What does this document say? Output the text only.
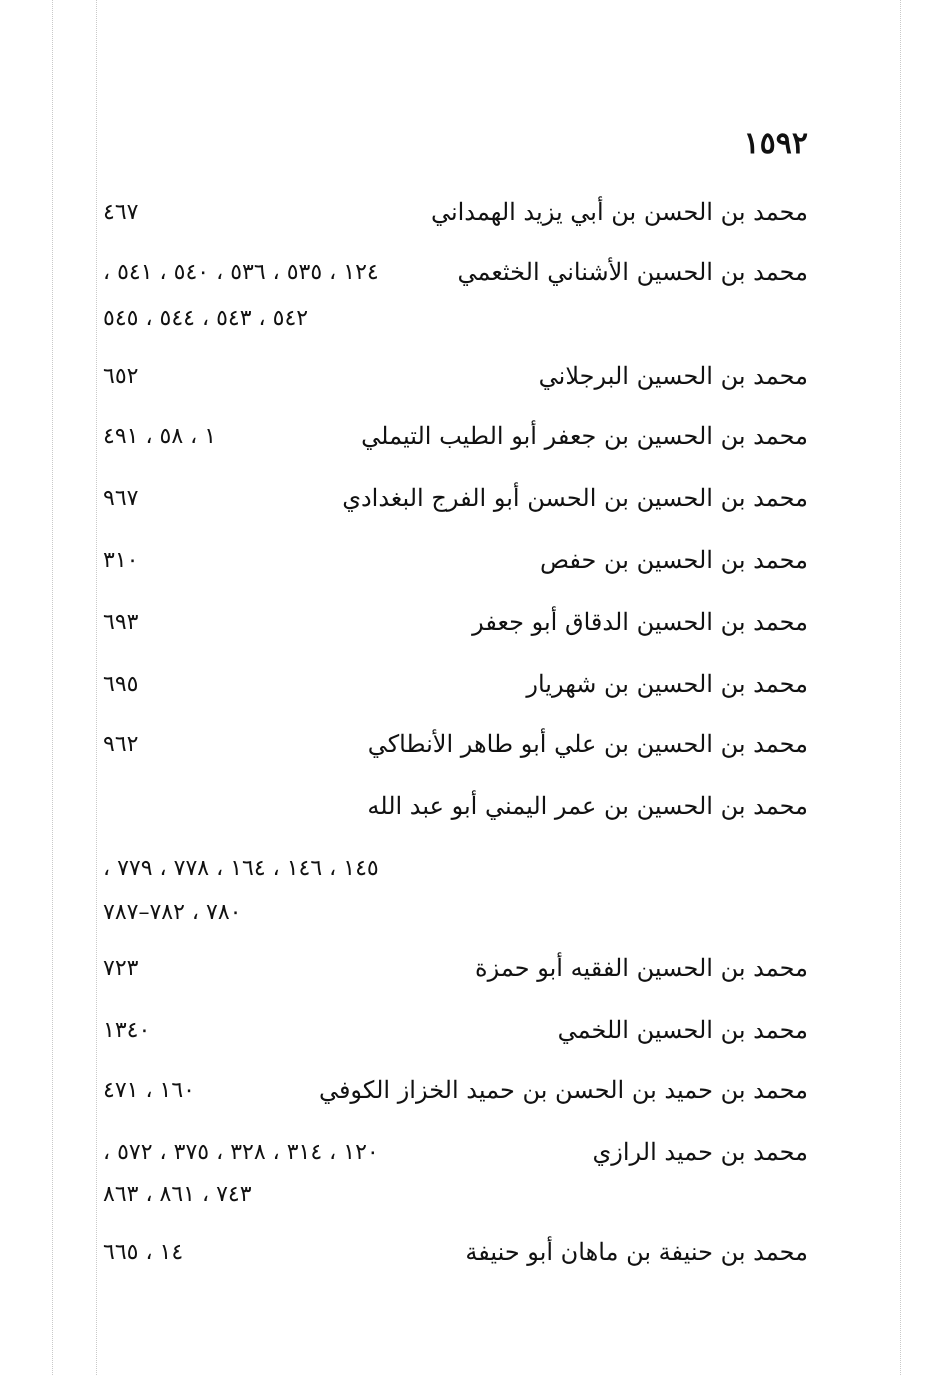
١٥٩٢
محمد بن الحسن بن أبي يزيد الهمداني
٤٦٧
محمد بن الحسين الأشناني الخثعمي
١٢٤ ، ٥٣٥ ، ٥٣٦ ، ٥٤٠ ، ٥٤١ ،
٥٤٢ ، ٥٤٣ ، ٥٤٤ ، ٥٤٥
محمد بن الحسين البرجلاني
٦٥٢
محمد بن الحسين بن جعفر أبو الطيب التيملي
١ ، ٥٨ ، ٤٩١
محمد بن الحسين بن الحسن أبو الفرج البغدادي
٩٦٧
محمد بن الحسين بن حفص
٣١٠
محمد بن الحسين الدقاق أبو جعفر
٦٩٣
محمد بن الحسين بن شهريار
٦٩٥
محمد بن الحسين بن علي أبو طاهر الأنطاكي
٩٦٢
محمد بن الحسين بن عمر اليمني أبو عبد الله
١٤٥ ، ١٤٦ ، ١٦٤ ، ٧٧٨ ، ٧٧٩ ،
٧٨٠ ، ٧٨٢–٧٨٧
محمد بن الحسين الفقيه أبو حمزة
٧٢٣
محمد بن الحسين اللخمي
١٣٤٠
محمد بن حميد بن الحسن بن حميد الخزاز الكوفي
١٦٠ ، ٤٧١
محمد بن حميد الرازي
١٢٠ ، ٣١٤ ، ٣٢٨ ، ٣٧٥ ، ٥٧٢ ،
٧٤٣ ، ٨٦١ ، ٨٦٣
محمد بن حنيفة بن ماهان أبو حنيفة
١٤ ، ٦٦٥
